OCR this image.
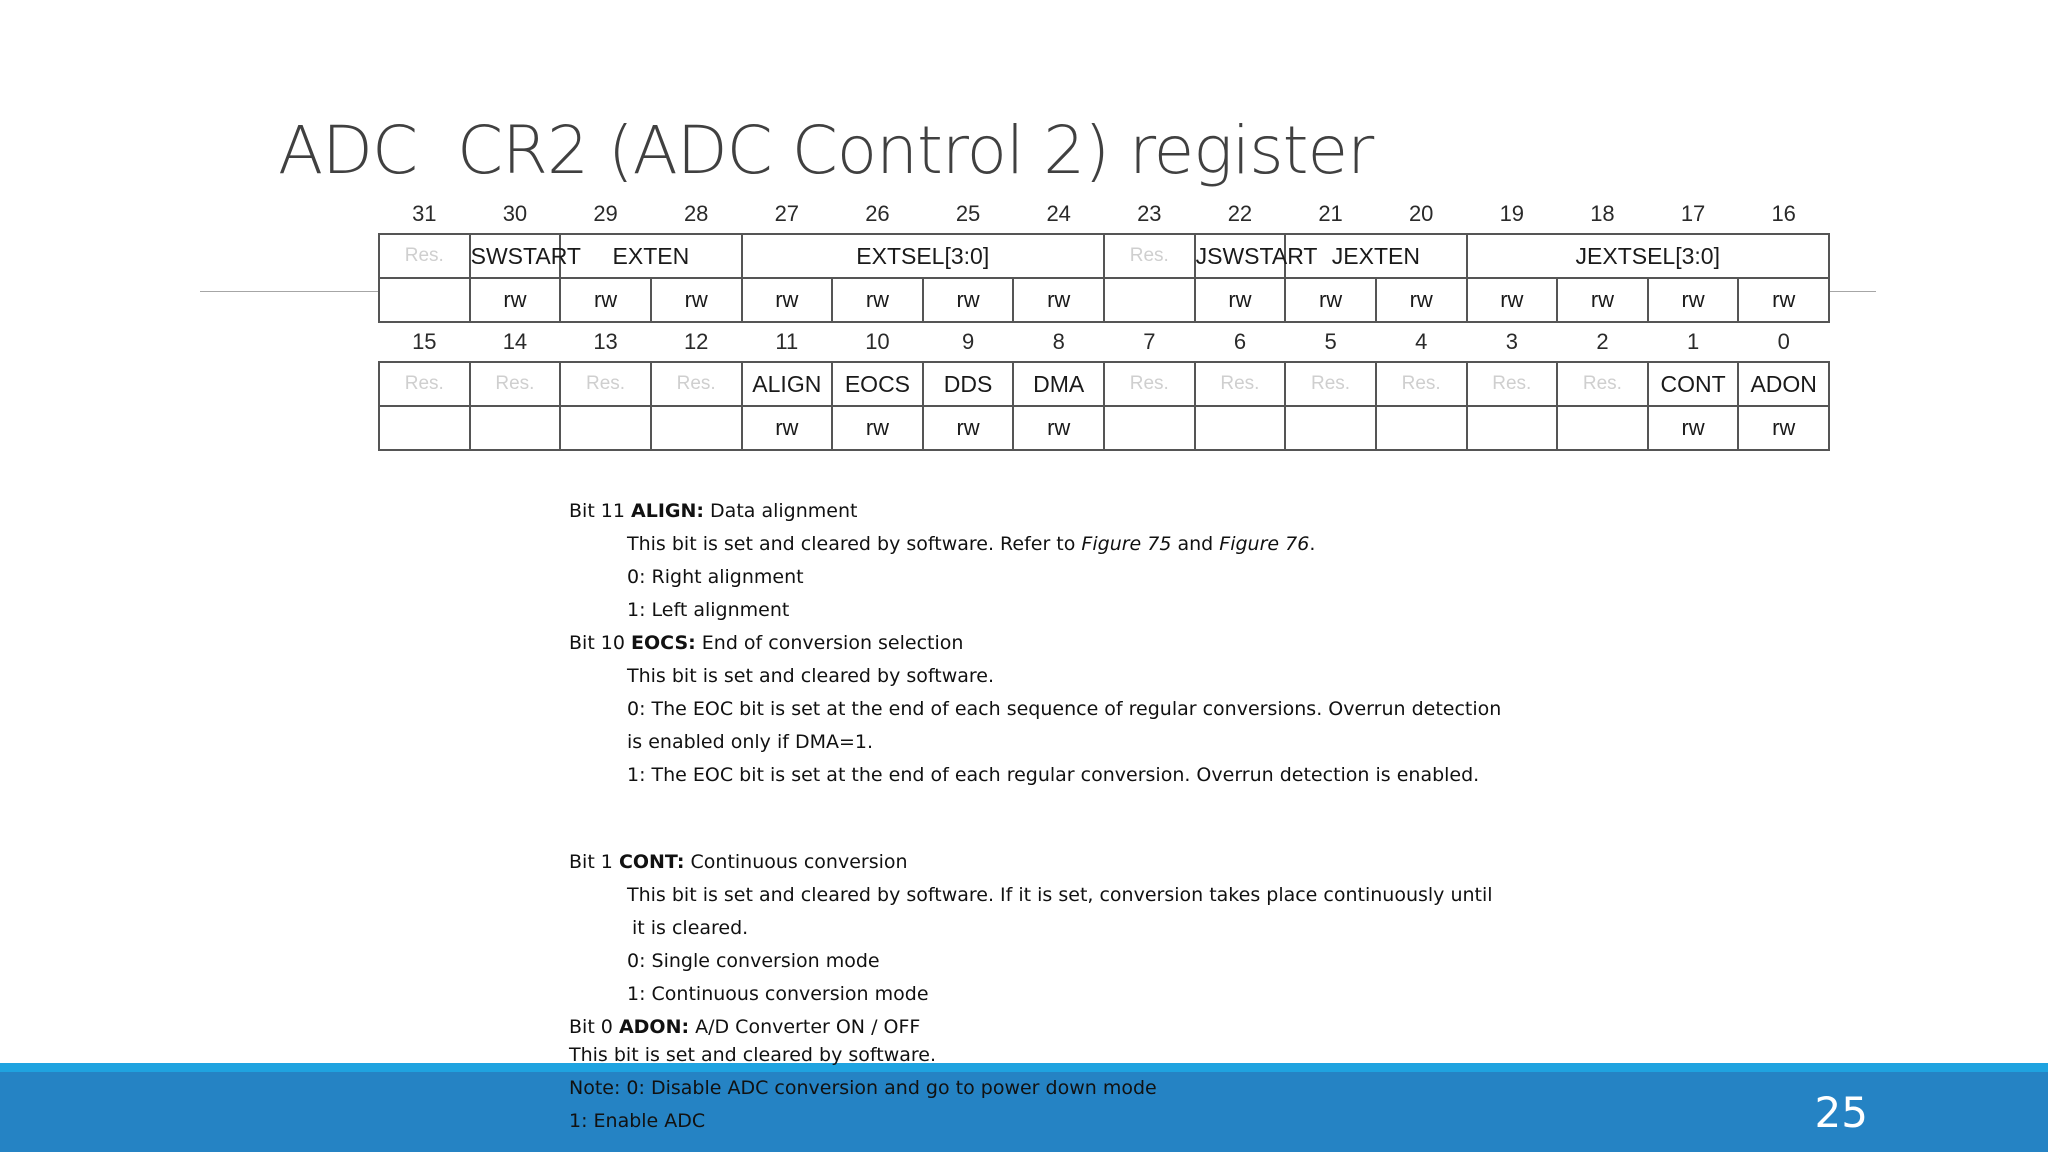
ADC  CR2 (ADC Control 2) register
31	30	29	28	27	26	25	24	23	22	21	20	19	18	17	16
Res.	SWSTART	EXTEN		EXTSEL[3:0]				Res.	JSWSTART	JEXTEN		JEXTSEL[3:0]			
	rw	rw	rw	rw	rw	rw	rw		rw	rw	rw	rw	rw	rw	rw
15	14	13	12	11	10	9	8	7	6	5	4	3	2	1	0
Res.	Res.	Res.	Res.	ALIGN	EOCS	DDS	DMA	Res.	Res.	Res.	Res.	Res.	Res.	CONT	ADON
				rw	rw	rw	rw							rw	rw
Bit 11 ALIGN: Data alignment
This bit is set and cleared by software. Refer to Figure 75 and Figure 76.
0: Right alignment
1: Left alignment
Bit 10 EOCS: End of conversion selection
This bit is set and cleared by software.
0: The EOC bit is set at the end of each sequence of regular conversions. Overrun detection
is enabled only if DMA=1.
1: The EOC bit is set at the end of each regular conversion. Overrun detection is enabled.
Bit 1 CONT: Continuous conversion
This bit is set and cleared by software. If it is set, conversion takes place continuously until
it is cleared.
0: Single conversion mode
1: Continuous conversion mode
Bit 0 ADON: A/D Converter ON / OFF
This bit is set and cleared by software.
Note: 0: Disable ADC conversion and go to power down mode
1: Enable ADC	25
